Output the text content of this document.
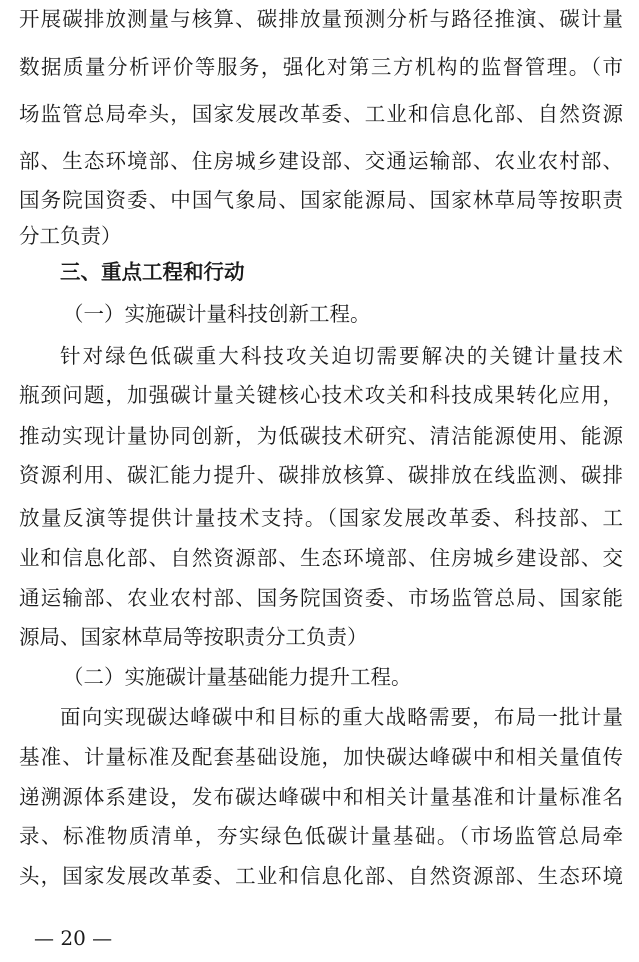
开展碳排放测量与核算、碳排放量预测分析与路径推演、碳计量
数据质量分析评价等服务，强化对第三方机构的监督管理。（市
场监管总局牵头，国家发展改革委、工业和信息化部、自然资源
部、生态环境部、住房城乡建设部、交通运输部、农业农村部、
国务院国资委、中国气象局、国家能源局、国家林草局等按职责
分工负责）
三、重点工程和行动
（一）实施碳计量科技创新工程。
针对绿色低碳重大科技攻关迫切需要解决的关键计量技术
瓶颈问题，加强碳计量关键核心技术攻关和科技成果转化应用，
推动实现计量协同创新，为低碳技术研究、清洁能源使用、能源
资源利用、碳汇能力提升、碳排放核算、碳排放在线监测、碳排
放量反演等提供计量技术支持。（国家发展改革委、科技部、工
业和信息化部、自然资源部、生态环境部、住房城乡建设部、交
通运输部、农业农村部、国务院国资委、市场监管总局、国家能
源局、国家林草局等按职责分工负责）
（二）实施碳计量基础能力提升工程。
面向实现碳达峰碳中和目标的重大战略需要，布局一批计量
基准、计量标准及配套基础设施，加快碳达峰碳中和相关量值传
递溯源体系建设，发布碳达峰碳中和相关计量基准和计量标准名
录、标准物质清单，夯实绿色低碳计量基础。（市场监管总局牵
头，国家发展改革委、工业和信息化部、自然资源部、生态环境
— 20 —
